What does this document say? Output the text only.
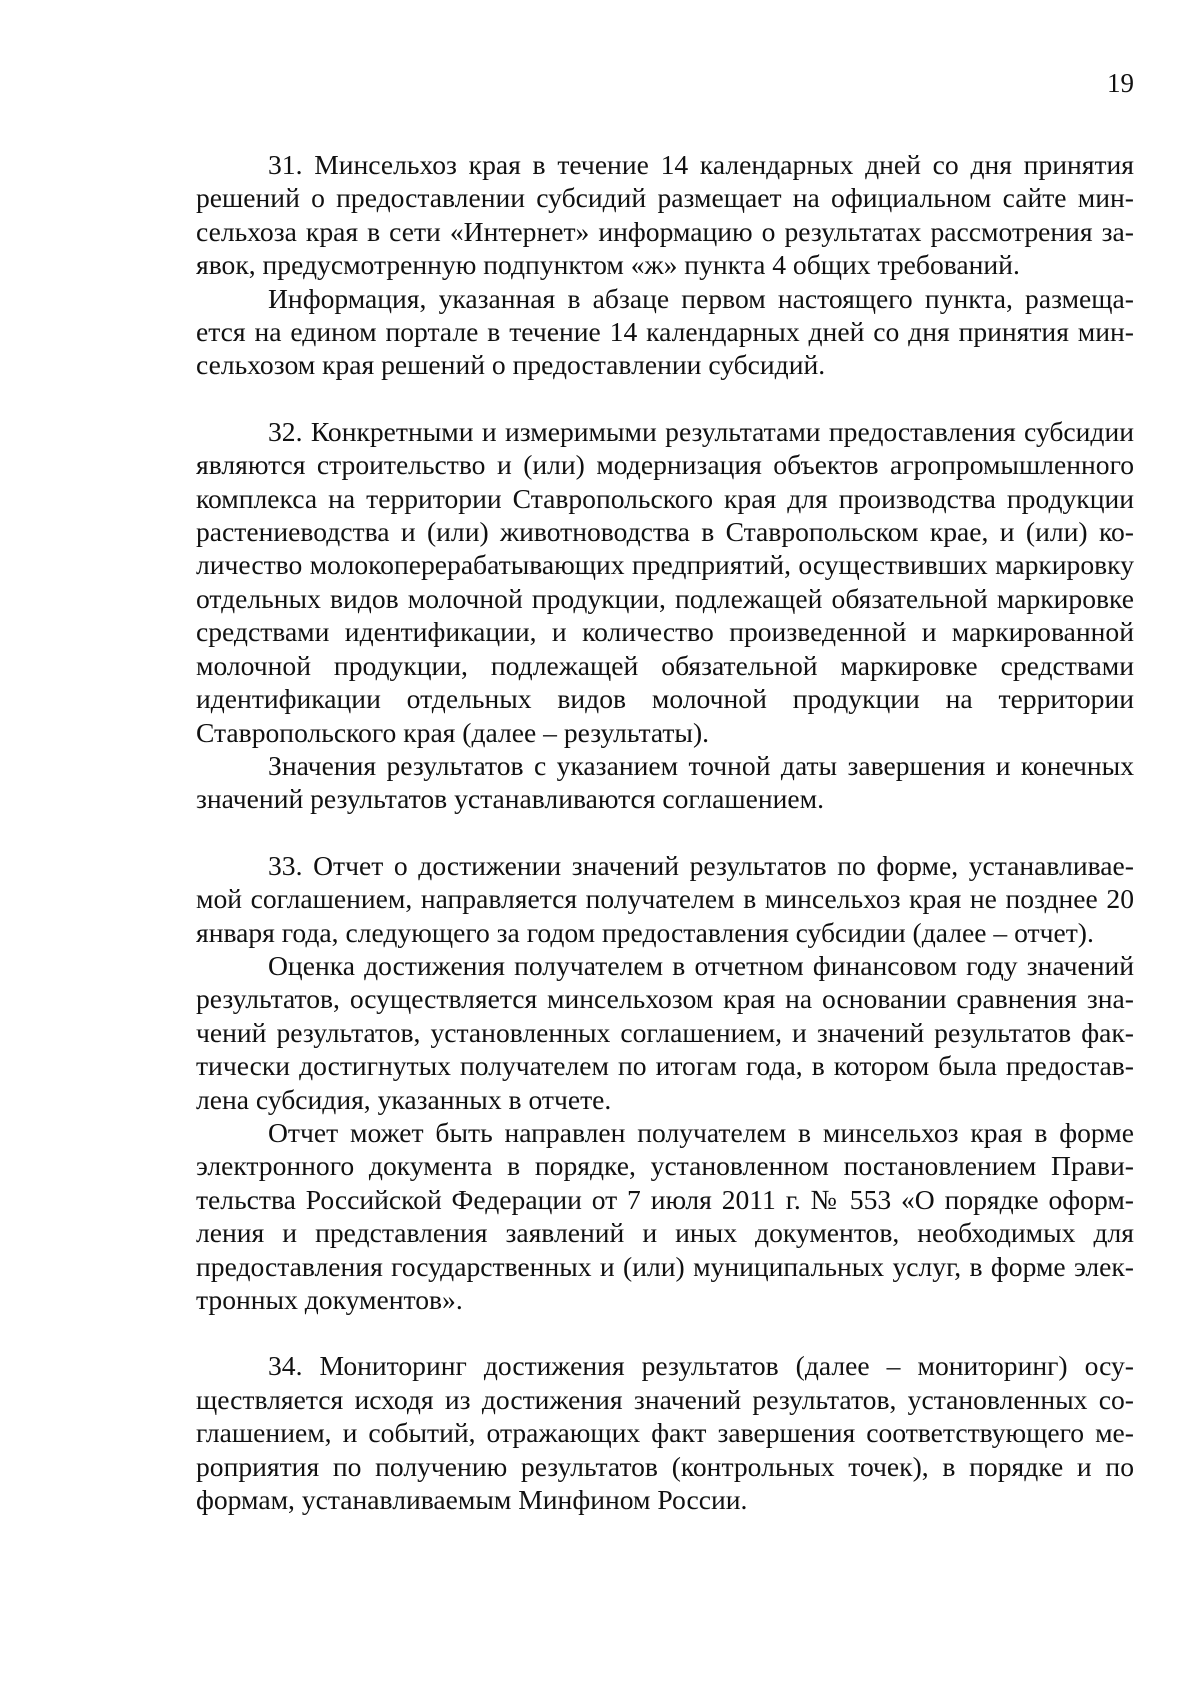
19

31. Минсельхоз края в течение 14 календарных дней со дня принятия решений о предоставлении субсидий размещает на официальном сайте минсельхоза края в сети «Интернет» информацию о результатах рассмотрения заявок, предусмотренную подпунктом «ж» пункта 4 общих требований.

Информация, указанная в абзаце первом настоящего пункта, размещается на едином портале в течение 14 календарных дней со дня принятия минсельхозом края решений о предоставлении субсидий.

32. Конкретными и измеримыми результатами предоставления субсидии являются строительство и (или) модернизация объектов агропромышленного комплекса на территории Ставропольского края для производства продукции растениеводства и (или) животноводства в Ставропольском крае, и (или) количество молокоперерабатывающих предприятий, осуществивших маркировку отдельных видов молочной продукции, подлежащей обязательной маркировке средствами идентификации, и количество произведенной и маркированной молочной продукции, подлежащей обязательной маркировке средствами идентификации отдельных видов молочной продукции на территории Ставропольского края (далее – результаты).

Значения результатов с указанием точной даты завершения и конечных значений результатов устанавливаются соглашением.

33. Отчет о достижении значений результатов по форме, устанавливаемой соглашением, направляется получателем в минсельхоз края не позднее 20 января года, следующего за годом предоставления субсидии (далее – отчет).

Оценка достижения получателем в отчетном финансовом году значений результатов, осуществляется минсельхозом края на основании сравнения значений результатов, установленных соглашением, и значений результатов фактически достигнутых получателем по итогам года, в котором была предоставлена субсидия, указанных в отчете.

Отчет может быть направлен получателем в минсельхоз края в форме электронного документа в порядке, установленном постановлением Правительства Российской Федерации от 7 июля 2011 г. № 553 «О порядке оформления и представления заявлений и иных документов, необходимых для предоставления государственных и (или) муниципальных услуг, в форме электронных документов».

34. Мониторинг достижения результатов (далее – мониторинг) осуществляется исходя из достижения значений результатов, установленных соглашением, и событий, отражающих факт завершения соответствующего мероприятия по получению результатов (контрольных точек), в порядке и по формам, устанавливаемым Минфином России.
